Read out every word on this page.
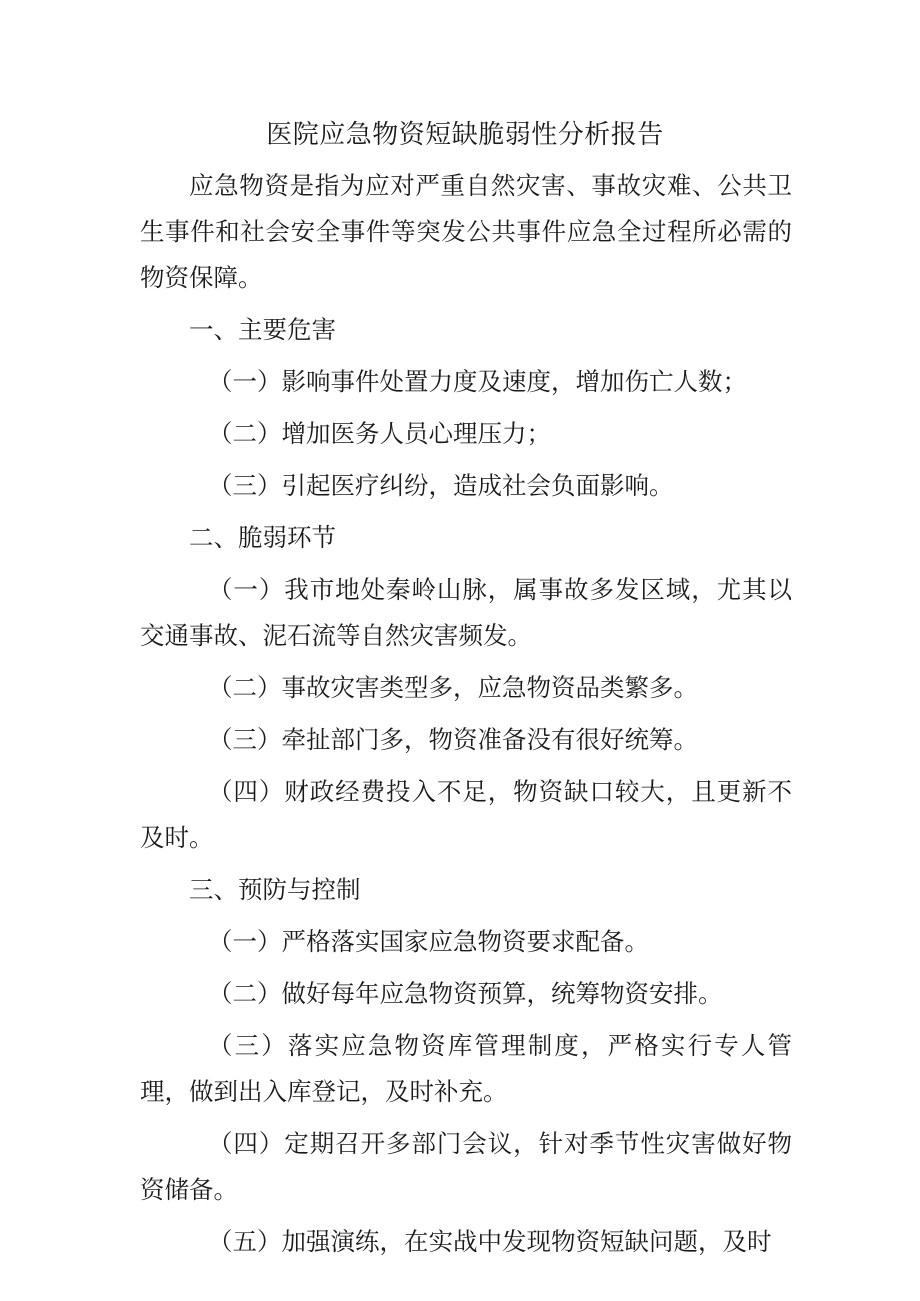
医院应急物资短缺脆弱性分析报告

应急物资是指为应对严重自然灾害、事故灾难、公共卫生事件和社会安全事件等突发公共事件应急全过程所必需的物资保障。

一、主要危害

（一）影响事件处置力度及速度，增加伤亡人数；

（二）增加医务人员心理压力；

（三）引起医疗纠纷，造成社会负面影响。

二、脆弱环节

（一）我市地处秦岭山脉，属事故多发区域，尤其以交通事故、泥石流等自然灾害频发。

（二）事故灾害类型多，应急物资品类繁多。

（三）牵扯部门多，物资准备没有很好统筹。

（四）财政经费投入不足，物资缺口较大，且更新不及时。

三、预防与控制

（一）严格落实国家应急物资要求配备。

（二）做好每年应急物资预算，统筹物资安排。

（三）落实应急物资库管理制度，严格实行专人管理，做到出入库登记，及时补充。

（四）定期召开多部门会议，针对季节性灾害做好物资储备。

（五）加强演练，在实战中发现物资短缺问题，及时
